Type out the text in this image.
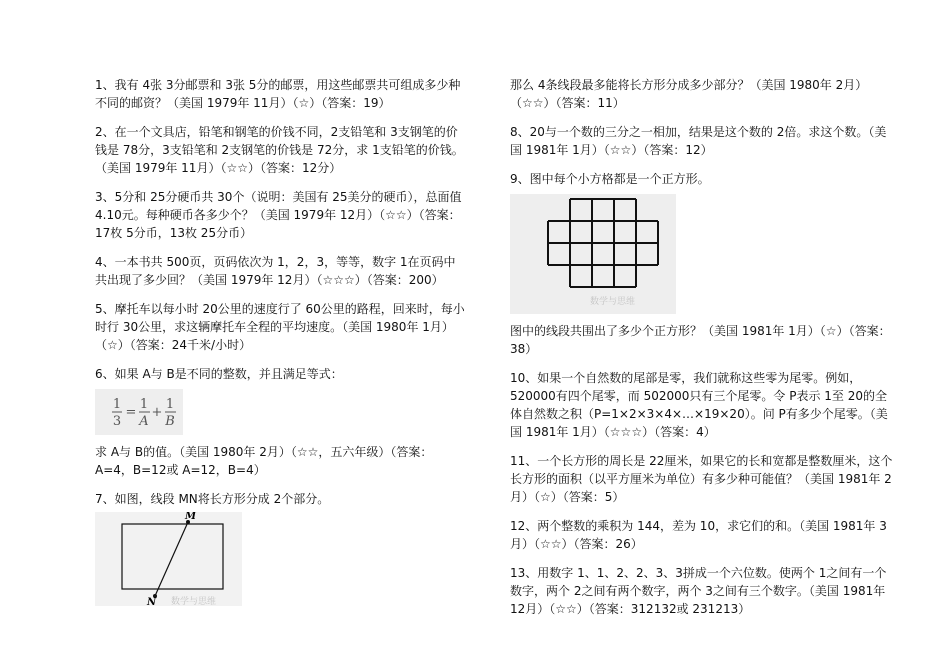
1、我有 4张 3分邮票和 3张 5分的邮票，用这些邮票共可组成多少种不同的邮资？（美国 1979年 11月）（☆）（答案：19）

2、在一个文具店，铅笔和钢笔的价钱不同，2支铅笔和 3支钢笔的价钱是 78分，3支铅笔和 2支钢笔的价钱是 72分，求 1支铅笔的价钱。（美国 1979年 11月）（☆☆）（答案：12分）

3、5分和 25分硬币共 30个（说明：美国有 25美分的硬币），总面值 4.10元。每种硬币各多少个？（美国 1979年 12月）（☆☆）（答案：17枚 5分币，13枚 25分币）

4、一本书共 500页，页码依次为 1，2，3，等等，数字 1在页码中共出现了多少回？（美国 1979年 12月）（☆☆☆）（答案：200）

5、摩托车以每小时 20公里的速度行了 60公里的路程，回来时，每小时行 30公里，求这辆摩托车全程的平均速度。（美国 1980年 1月）（☆）（答案：24千米/小时）

6、如果 A与 B是不同的整数，并且满足等式：

1
3
=
1
A
+
1
B

求 A与 B的值。（美国 1980年 2月）（☆☆，五六年级）（答案：A=4，B=12或 A=12，B=4）

7、如图，线段 MN将长方形分成 2个部分。

M
N 数学与思维

那么 4条线段最多能将长方形分成多少部分？（美国 1980年 2月）（☆☆）（答案：11）

8、20与一个数的三分之一相加，结果是这个数的 2倍。求这个数。（美国 1981年 1月）（☆☆）（答案：12）

9、图中每个小方格都是一个正方形。

数学与思维

图中的线段共围出了多少个正方形？（美国 1981年 1月）（☆）（答案：38）

10、如果一个自然数的尾部是零，我们就称这些零为尾零。例如，520000有四个尾零，而 502000只有三个尾零。令 P表示 1至 20的全体自然数之积（P=1×2×3×4×…×19×20）。问 P有多少个尾零。（美国 1981年 1月）（☆☆☆）（答案：4）

11、一个长方形的周长是 22厘米，如果它的长和宽都是整数厘米，这个长方形的面积（以平方厘米为单位）有多少种可能值？（美国 1981年 2月）（☆）（答案：5）

12、两个整数的乘积为 144，差为 10，求它们的和。（美国 1981年 3月）（☆☆）（答案：26）

13、用数字 1、1、2、2、3、3拼成一个六位数。使两个 1之间有一个数字，两个 2之间有两个数字，两个 3之间有三个数字。（美国 1981年 12月）（☆☆）（答案：312132或 231213）
